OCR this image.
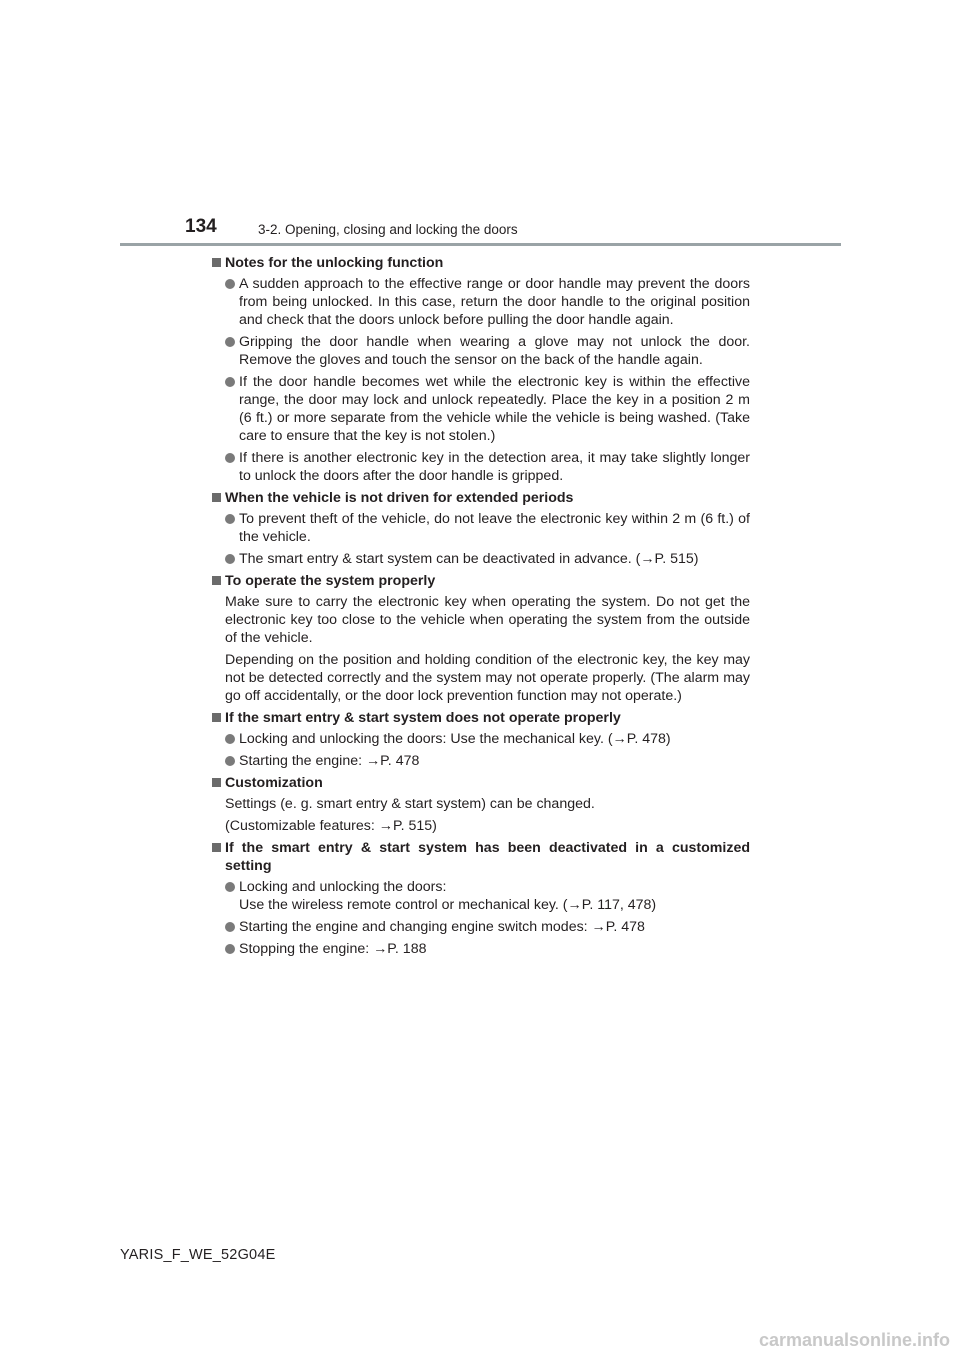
134	3-2. Opening, closing and locking the doors
Notes for the unlocking function
A sudden approach to the effective range or door handle may prevent the doors from being unlocked. In this case, return the door handle to the original position and check that the doors unlock before pulling the door handle again.
Gripping the door handle when wearing a glove may not unlock the door. Remove the gloves and touch the sensor on the back of the handle again.
If the door handle becomes wet while the electronic key is within the effective range, the door may lock and unlock repeatedly. Place the key in a position 2 m (6 ft.) or more separate from the vehicle while the vehicle is being washed. (Take care to ensure that the key is not stolen.)
If there is another electronic key in the detection area, it may take slightly longer to unlock the doors after the door handle is gripped.
When the vehicle is not driven for extended periods
To prevent theft of the vehicle, do not leave the electronic key within 2 m (6 ft.) of the vehicle.
The smart entry & start system can be deactivated in advance. (→P. 515)
To operate the system properly
Make sure to carry the electronic key when operating the system. Do not get the electronic key too close to the vehicle when operating the system from the outside of the vehicle.
Depending on the position and holding condition of the electronic key, the key may not be detected correctly and the system may not operate properly. (The alarm may go off accidentally, or the door lock prevention function may not operate.)
If the smart entry & start system does not operate properly
Locking and unlocking the doors: Use the mechanical key. (→P. 478)
Starting the engine: →P. 478
Customization
Settings (e. g. smart entry & start system) can be changed.
(Customizable features: →P. 515)
If the smart entry & start system has been deactivated in a customized setting
Locking and unlocking the doors:
Use the wireless remote control or mechanical key. (→P. 117, 478)
Starting the engine and changing engine switch modes: →P. 478
Stopping the engine: →P. 188
YARIS_F_WE_52G04E
carmanualsonline.info
